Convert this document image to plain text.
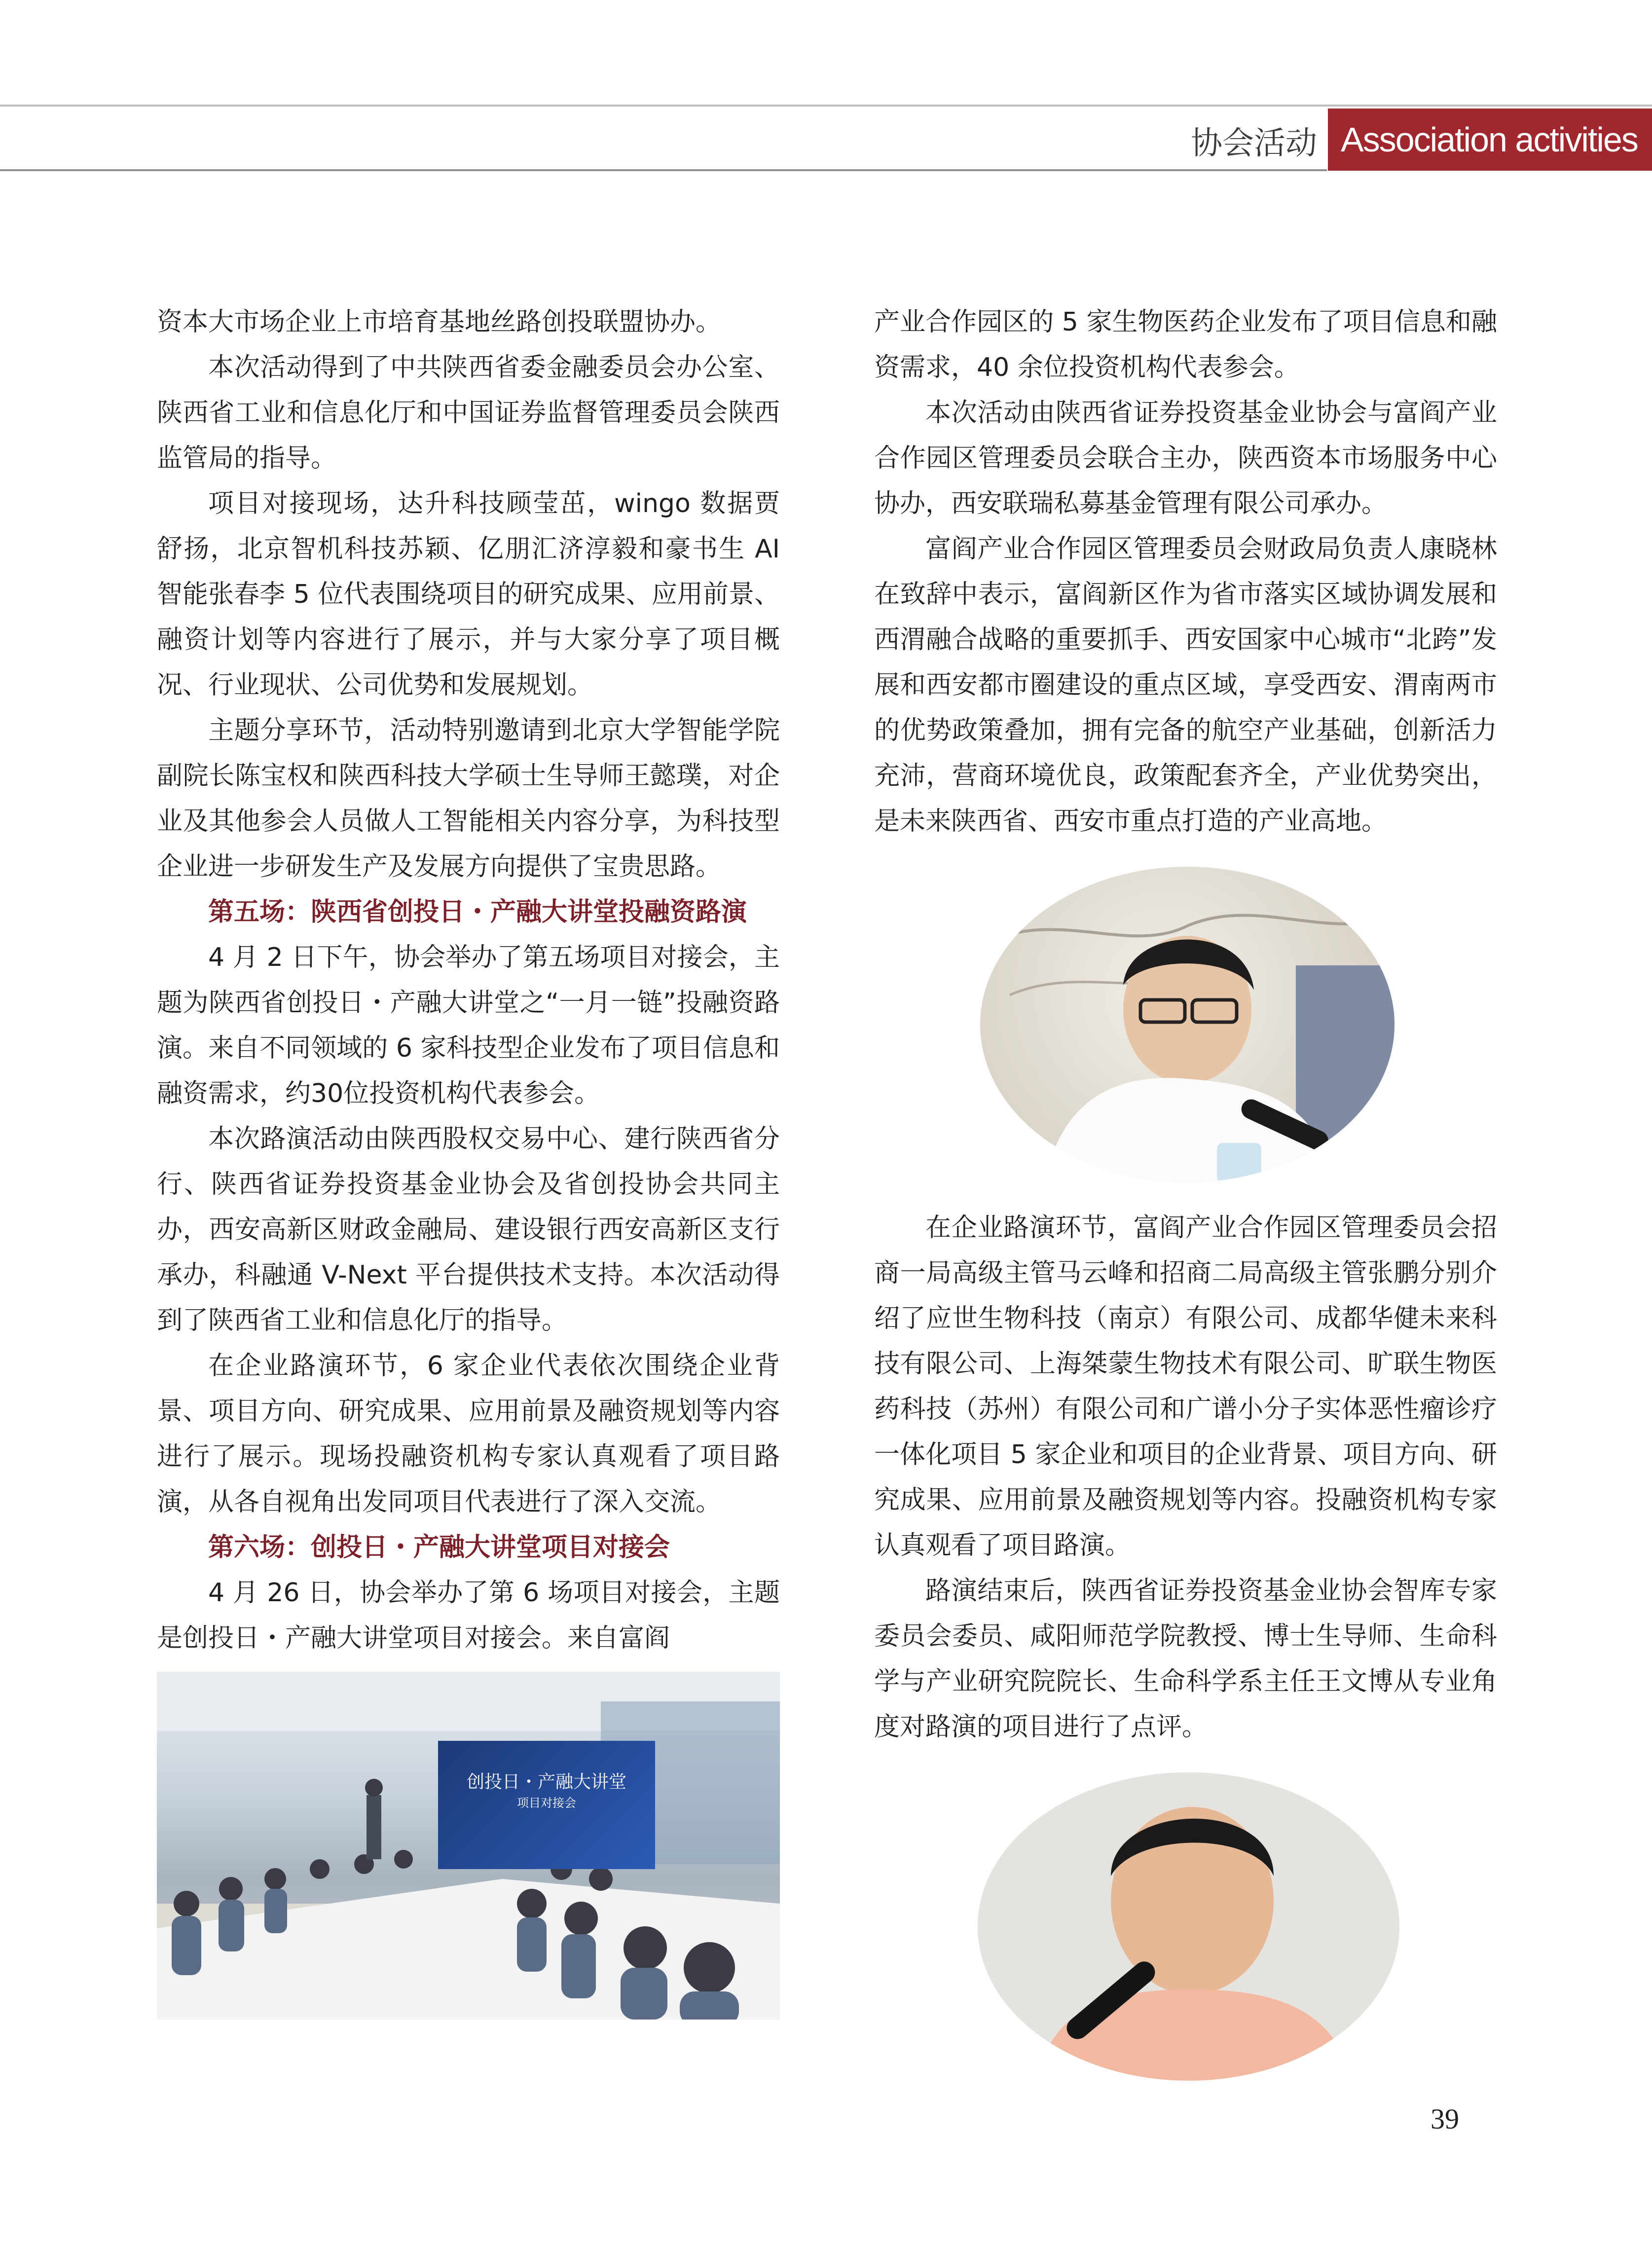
协会活动 Association activities

资本大市场企业上市培育基地丝路创投联盟协办。

本次活动得到了中共陕西省委金融委员会办公室、陕西省工业和信息化厅和中国证券监督管理委员会陕西监管局的指导。

项目对接现场，达升科技顾莹茁，wingo 数据贾舒扬，北京智机科技苏颖、亿朋汇济淳毅和豪书生 AI 智能张春李 5 位代表围绕项目的研究成果、应用前景、融资计划等内容进行了展示，并与大家分享了项目概况、行业现状、公司优势和发展规划。

主题分享环节，活动特别邀请到北京大学智能学院副院长陈宝权和陕西科技大学硕士生导师王懿璞，对企业及其他参会人员做人工智能相关内容分享，为科技型企业进一步研发生产及发展方向提供了宝贵思路。

第五场：陕西省创投日・产融大讲堂投融资路演

4 月 2 日下午，协会举办了第五场项目对接会，主题为陕西省创投日・产融大讲堂之“一月一链”投融资路演。来自不同领域的 6 家科技型企业发布了项目信息和融资需求，约30位投资机构代表参会。

本次路演活动由陕西股权交易中心、建行陕西省分行、陕西省证券投资基金业协会及省创投协会共同主办，西安高新区财政金融局、建设银行西安高新区支行承办，科融通 V-Next 平台提供技术支持。本次活动得到了陕西省工业和信息化厅的指导。

在企业路演环节，6 家企业代表依次围绕企业背景、项目方向、研究成果、应用前景及融资规划等内容进行了展示。现场投融资机构专家认真观看了项目路演，从各自视角出发同项目代表进行了深入交流。

第六场：创投日・产融大讲堂项目对接会

4 月 26 日，协会举办了第 6 场项目对接会，主题是创投日・产融大讲堂项目对接会。来自富阎

创投日・产融大讲堂
项目对接会

产业合作园区的 5 家生物医药企业发布了项目信息和融资需求，40 余位投资机构代表参会。

本次活动由陕西省证券投资基金业协会与富阎产业合作园区管理委员会联合主办，陕西资本市场服务中心协办，西安联瑞私募基金管理有限公司承办。

富阎产业合作园区管理委员会财政局负责人康晓林在致辞中表示，富阎新区作为省市落实区域协调发展和西渭融合战略的重要抓手、西安国家中心城市“北跨”发展和西安都市圈建设的重点区域，享受西安、渭南两市的优势政策叠加，拥有完备的航空产业基础，创新活力充沛，营商环境优良，政策配套齐全，产业优势突出，是未来陕西省、西安市重点打造的产业高地。

在企业路演环节，富阎产业合作园区管理委员会招商一局高级主管马云峰和招商二局高级主管张鹏分别介绍了应世生物科技（南京）有限公司、成都华健未来科技有限公司、上海桀蒙生物技术有限公司、旷联生物医药科技（苏州）有限公司和广谱小分子实体恶性瘤诊疗一体化项目 5 家企业和项目的企业背景、项目方向、研究成果、应用前景及融资规划等内容。投融资机构专家认真观看了项目路演。

路演结束后，陕西省证券投资基金业协会智库专家委员会委员、咸阳师范学院教授、博士生导师、生命科学与产业研究院院长、生命科学系主任王文博从专业角度对路演的项目进行了点评。

39
